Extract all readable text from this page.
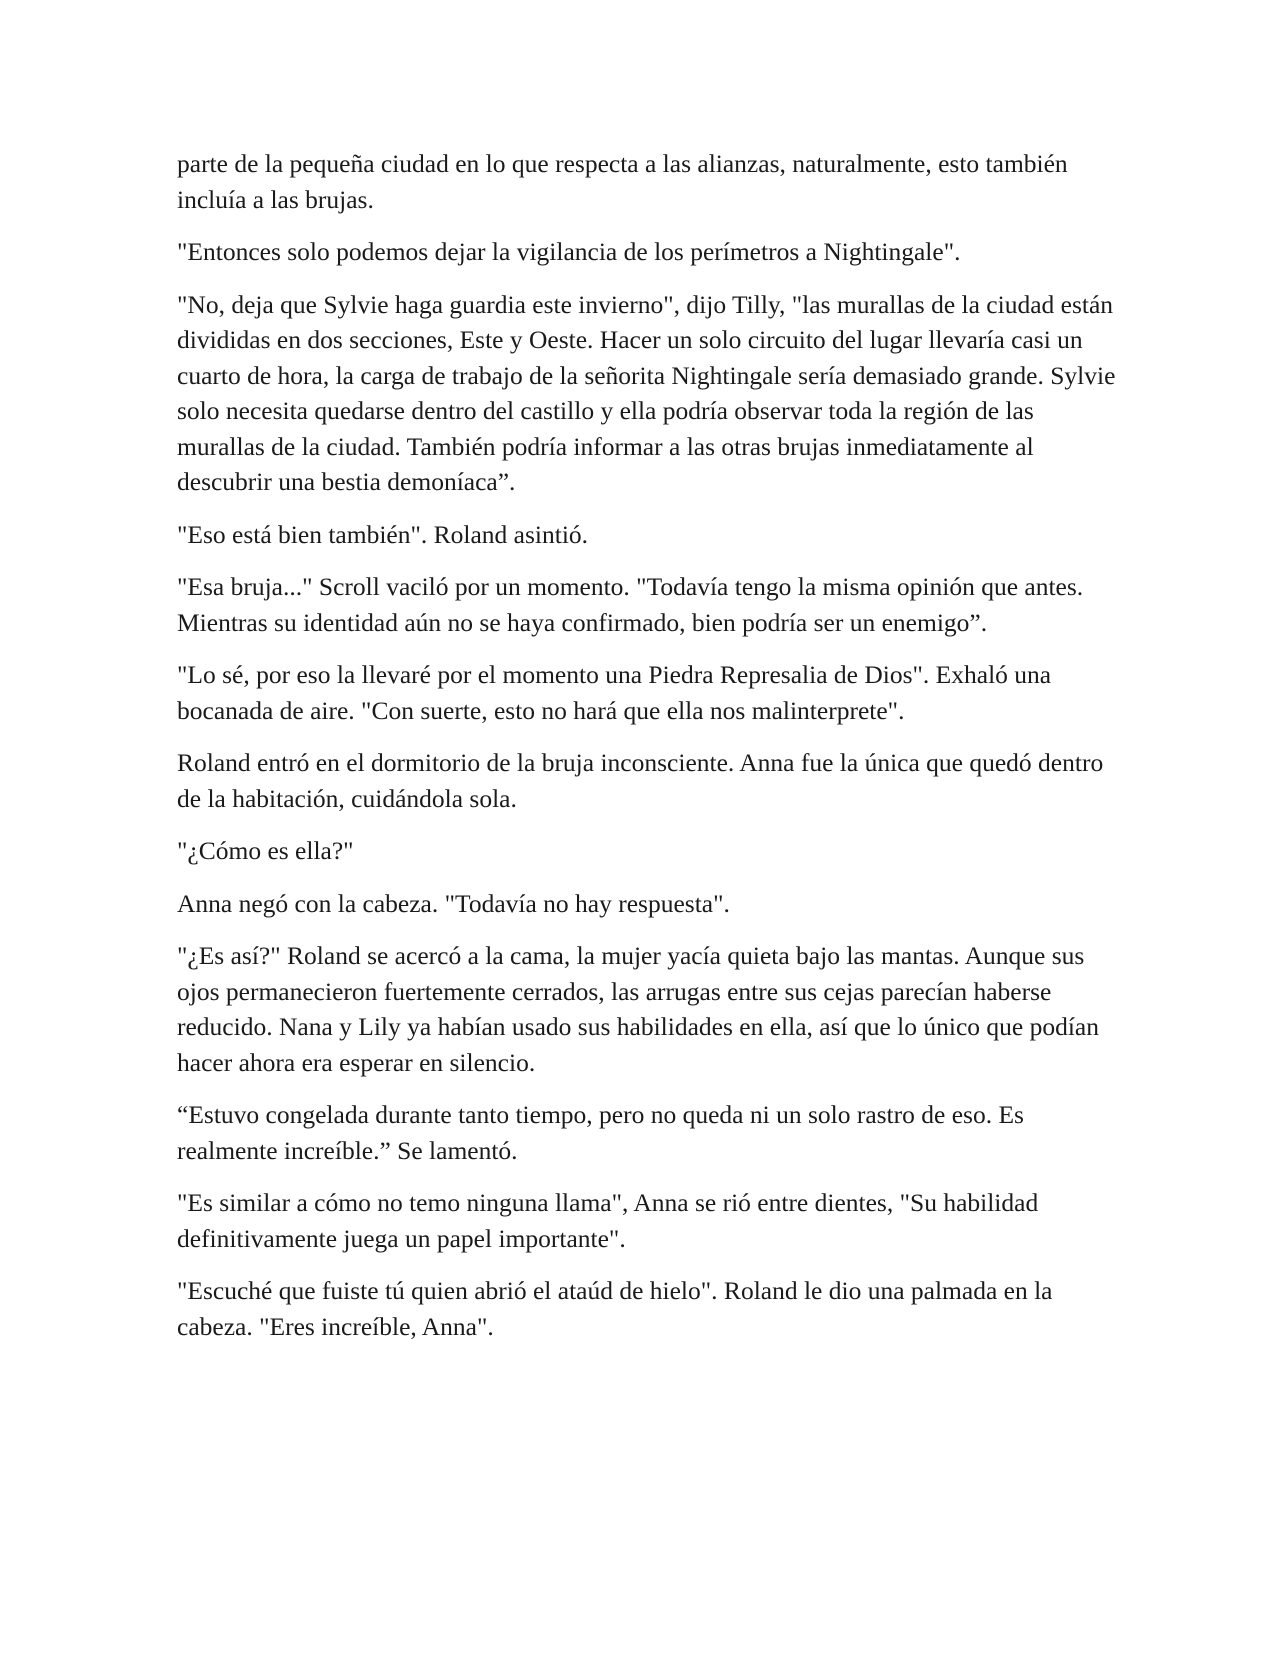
parte de la pequeña ciudad en lo que respecta a las alianzas, naturalmente, esto también incluía a las brujas.

"Entonces solo podemos dejar la vigilancia de los perímetros a Nightingale".

"No, deja que Sylvie haga guardia este invierno", dijo Tilly, "las murallas de la ciudad están divididas en dos secciones, Este y Oeste. Hacer un solo circuito del lugar llevaría casi un cuarto de hora, la carga de trabajo de la señorita Nightingale sería demasiado grande. Sylvie solo necesita quedarse dentro del castillo y ella podría observar toda la región de las murallas de la ciudad. También podría informar a las otras brujas inmediatamente al descubrir una bestia demoníaca”.

"Eso está bien también". Roland asintió.

"Esa bruja..." Scroll vaciló por un momento. "Todavía tengo la misma opinión que antes. Mientras su identidad aún no se haya confirmado, bien podría ser un enemigo”.

"Lo sé, por eso la llevaré por el momento una Piedra Represalia de Dios". Exhaló una bocanada de aire. "Con suerte, esto no hará que ella nos malinterprete".

Roland entró en el dormitorio de la bruja inconsciente. Anna fue la única que quedó dentro de la habitación, cuidándola sola.

"¿Cómo es ella?"

Anna negó con la cabeza. "Todavía no hay respuesta".

"¿Es así?" Roland se acercó a la cama, la mujer yacía quieta bajo las mantas. Aunque sus ojos permanecieron fuertemente cerrados, las arrugas entre sus cejas parecían haberse reducido. Nana y Lily ya habían usado sus habilidades en ella, así que lo único que podían hacer ahora era esperar en silencio.

“Estuvo congelada durante tanto tiempo, pero no queda ni un solo rastro de eso. Es realmente increíble.” Se lamentó.

"Es similar a cómo no temo ninguna llama", Anna se rió entre dientes, "Su habilidad definitivamente juega un papel importante".

"Escuché que fuiste tú quien abrió el ataúd de hielo". Roland le dio una palmada en la cabeza. "Eres increíble, Anna".
